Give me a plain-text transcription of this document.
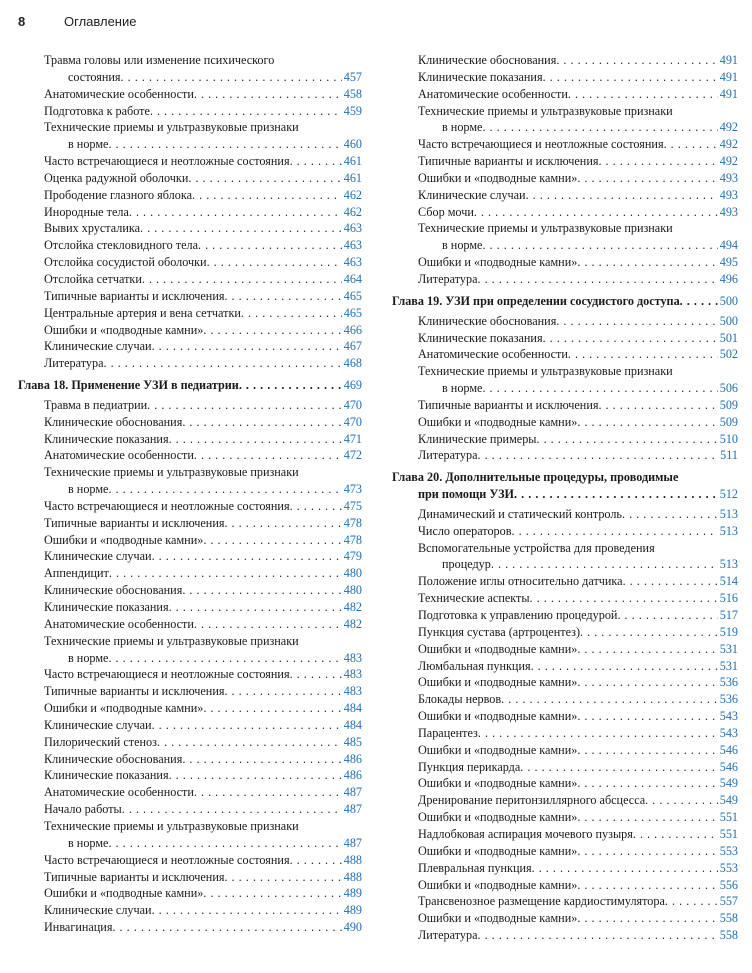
8	Оглавление
Травма головы или изменение психического
состояния . . .	457
Анатомические особенности . . .	458
Подготовка к работе . . .	459
Технические приемы и ультразвуковые признаки
в норме . . .	460
Часто встречающиеся и неотложные состояния . . .	461
Оценка радужной оболочки . . .	461
Прободение глазного яблока . . .	462
Инородные тела . . .	462
Вывих хрусталика . . .	463
Отслойка стекловидного тела . . .	463
Отслойка сосудистой оболочки . . .	463
Отслойка сетчатки . . .	464
Типичные варианты и исключения . . .	465
Центральные артерия и вена сетчатки . . .	465
Ошибки и «подводные камни» . . .	466
Клинические случаи . . .	467
Литература . . .	468
Глава 18. Применение УЗИ в педиатрии . . .	469
Травма в педиатрии . . .	470
Клинические обоснования . . .	470
Клинические показания . . .	471
Анатомические особенности . . .	472
Технические приемы и ультразвуковые признаки
в норме . . .	473
Часто встречающиеся и неотложные состояния . . .	475
Типичные варианты и исключения . . .	478
Ошибки и «подводные камни» . . .	478
Клинические случаи . . .	479
Аппендицит . . .	480
Клинические обоснования . . .	480
Клинические показания . . .	482
Анатомические особенности . . .	482
Технические приемы и ультразвуковые признаки
в норме . . .	483
Часто встречающиеся и неотложные состояния . . .	483
Типичные варианты и исключения . . .	483
Ошибки и «подводные камни» . . .	484
Клинические случаи . . .	484
Пилорический стеноз . . .	485
Клинические обоснования . . .	486
Клинические показания . . .	486
Анатомические особенности . . .	487
Начало работы . . .	487
Технические приемы и ультразвуковые признаки
в норме . . .	487
Часто встречающиеся и неотложные состояния . . .	488
Типичные варианты и исключения . . .	488
Ошибки и «подводные камни» . . .	489
Клинические случаи . . .	489
Инвагинация . . .	490
Клинические обоснования . . .	491
Клинические показания . . .	491
Анатомические особенности . . .	491
Технические приемы и ультразвуковые признаки
в норме . . .	492
Часто встречающиеся и неотложные состояния . . .	492
Типичные варианты и исключения . . .	492
Ошибки и «подводные камни» . . .	493
Клинические случаи . . .	493
Сбор мочи . . .	493
Технические приемы и ультразвуковые признаки
в норме . . .	494
Ошибки и «подводные камни» . . .	495
Литература . . .	496
Глава 19. УЗИ при определении сосудистого доступа . . .	500
Клинические обоснования . . .	500
Клинические показания . . .	501
Анатомические особенности . . .	502
Технические приемы и ультразвуковые признаки
в норме . . .	506
Типичные варианты и исключения . . .	509
Ошибки и «подводные камни» . . .	509
Клинические примеры . . .	510
Литература . . .	511
Глава 20. Дополнительные процедуры, проводимые
при помощи УЗИ . . .	512
Динамический и статический контроль . . .	513
Число операторов . . .	513
Вспомогательные устройства для проведения
процедур . . .	513
Положение иглы относительно датчика . . .	514
Технические аспекты . . .	516
Подготовка к управлению процедурой . . .	517
Пункция сустава (артроцентез) . . .	519
Ошибки и «подводные камни» . . .	531
Люмбальная пункция . . .	531
Ошибки и «подводные камни» . . .	536
Блокады нервов . . .	536
Ошибки и «подводные камни» . . .	543
Парацентез . . .	543
Ошибки и «подводные камни» . . .	546
Пункция перикарда . . .	546
Ошибки и «подводные камни» . . .	549
Дренирование перитонзиллярного абсцесса . . .	549
Ошибки и «подводные камни» . . .	551
Надлобковая аспирация мочевого пузыря . . .	551
Ошибки и «подводные камни» . . .	553
Плевральная пункция . . .	553
Ошибки и «подводные камни» . . .	556
Трансвенозное размещение кардиостимулятора . . .	557
Ошибки и «подводные камни» . . .	558
Литература . . .	558
